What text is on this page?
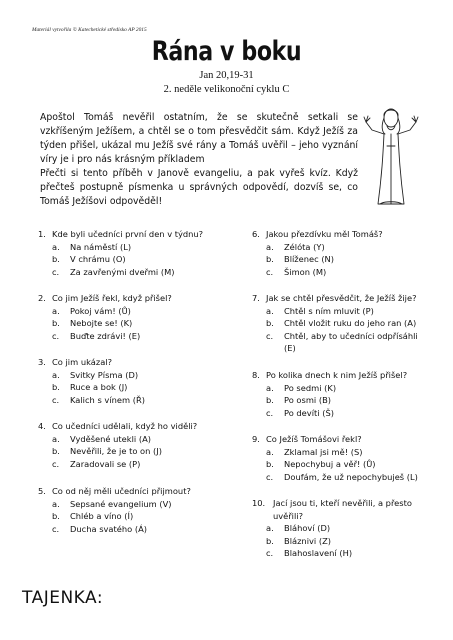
Materiál vytvořila © Katechetické středisko AP 2015
Rána v boku
Jan 20,19-31
2. neděle velikonoční cyklu C

Apoštol Tomáš nevěřil ostatním, že se skutečně setkali se vzkříšeným Ježíšem, a chtěl se o tom přesvědčit sám. Když Ježíš za týden přišel, ukázal mu Ježíš své rány a Tomáš uvěřil – jeho vyznání víry je i pro nás krásným příkladem

Přečti si tento příběh v Janově evangeliu, a pak vyřeš kvíz. Když přečteš postupně písmenka u správných odpovědí, dozvíš se, co Tomáš Ježíšovi odpověděl!

1. Kde byli učedníci první den v týdnu?
a.	Na náměstí (L)
b.	V chrámu (O)
c.	Za zavřenými dveřmi (M)
2. Co jim Ježíš řekl, když přišel?
a.	Pokoj vám! (Ů)
b.	Nebojte se! (K)
c.	Buďte zdrávi! (E)
3. Co jim ukázal?
a.	Svitky Písma (D)
b.	Ruce a bok (J)
c.	Kalich s vínem (Ř)
4. Co učedníci udělali, když ho viděli?
a.	Vyděšené utekli (A)
b.	Nevěřili, že je to on (J)
c.	Zaradovali se (P)
5. Co od něj měli učedníci přijmout?
a.	Sepsané evangelium (V)
b.	Chléb a víno (Í)
c.	Ducha svatého (Á)
6. Jakou přezdívku měl Tomáš?
a.	Zélóta (Y)
b.	Blíženec (N)
c.	Šimon (M)
7. Jak se chtěl přesvědčit, že Ježíš žije?
a.	Chtěl s ním mluvit (P)
b.	Chtěl vložit ruku do jeho ran (A)
c.	Chtěl, aby to učedníci odpřísáhli (E)
8. Po kolika dnech k nim Ježíš přišel?
a.	Po sedmi (K)
b.	Po osmi (B)
c.	Po devíti (Š)
9. Co Ježíš Tomášovi řekl?
a.	Zklamal jsi mě! (S)
b.	Nepochybuj a věř! (Ů)
c.	Doufám, že už nepochybuješ (L)
10. Jací jsou ti, kteří nevěřili, a přesto uvěřili?
a.	Bláhoví (D)
b.	Bláznivi (Z)
c.	Blahoslavení (H)
TAJENKA:
